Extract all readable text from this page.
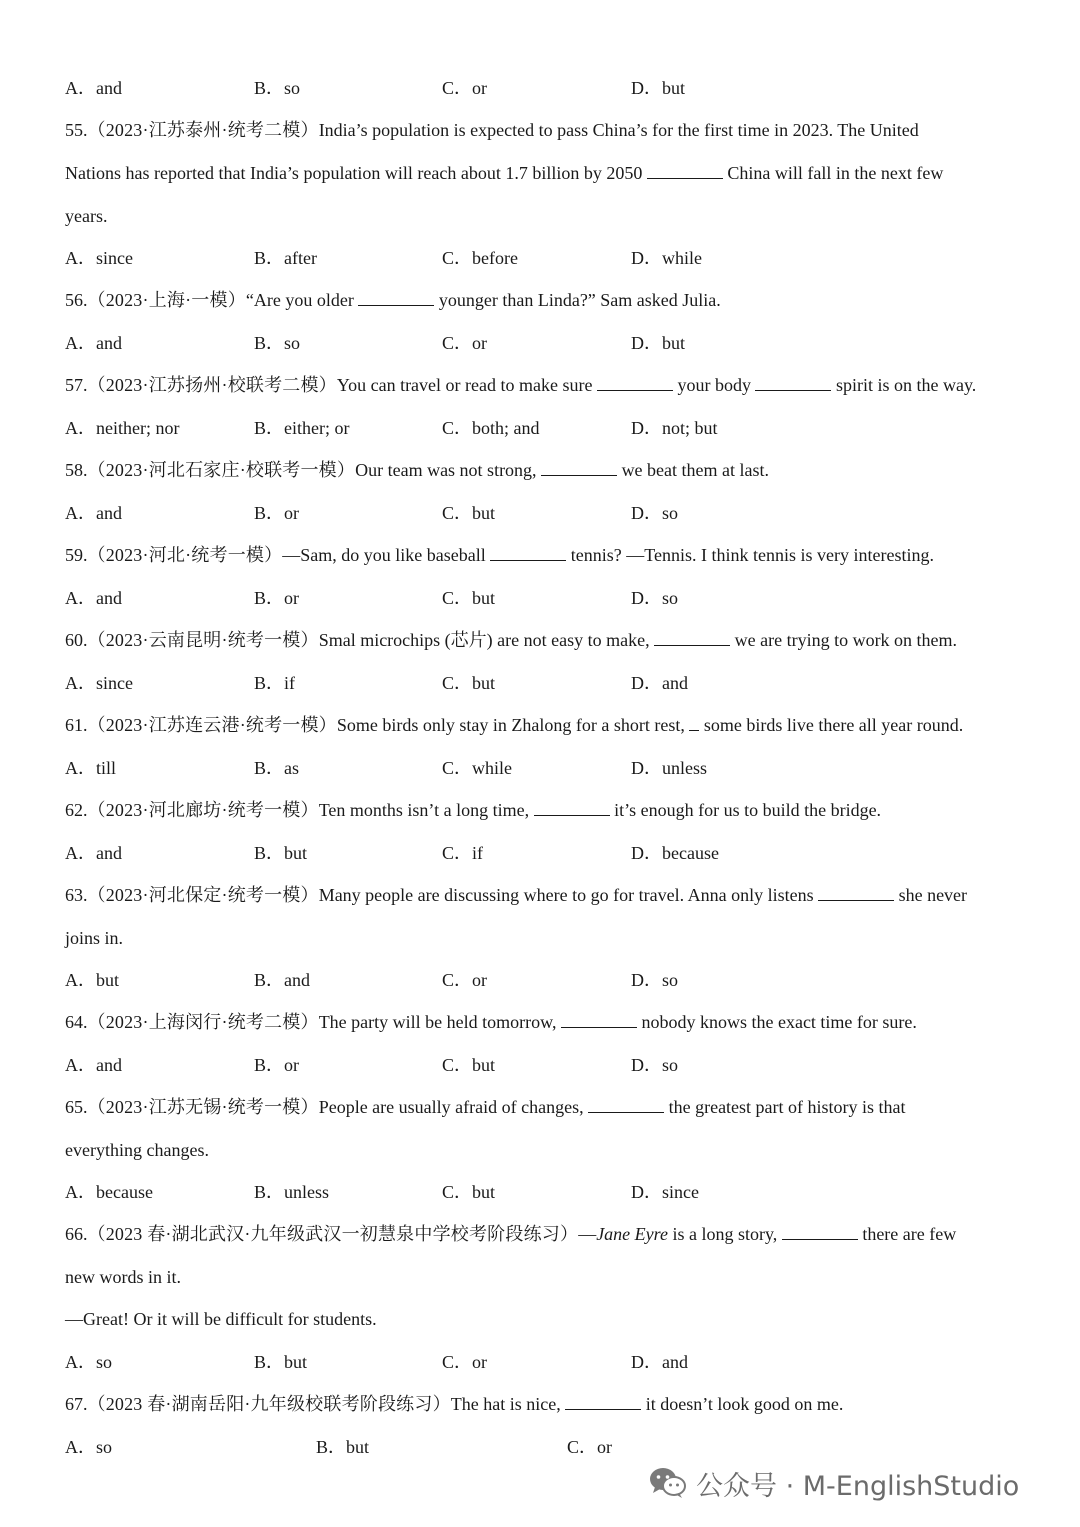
A．and	B．so	C．or	D．but
55.（2023·江苏泰州·统考二模）India’s population is expected to pass China’s for the first time in 2023. The United
Nations has reported that India’s population will reach about 1.7 billion by 2050	China will fall in the next few
years.
A．since	B．after	C．before	D．while
56.（2023·上海·一模）“Are you older	younger than Linda?” Sam asked Julia.
A．and	B．so	C．or	D．but
57.（2023·江苏扬州·校联考二模）You can travel or read to make sure	your body	spirit is on the way.
A．neither; nor	B．either; or	C．both; and	D．not; but
58.（2023·河北石家庄·校联考一模）Our team was not strong,	we beat them at last.
A．and	B．or	C．but	D．so
59.（2023·河北·统考一模）—Sam, do you like baseball	tennis? —Tennis. I think tennis is very interesting.
A．and	B．or	C．but	D．so
60.（2023·云南昆明·统考一模）Smal microchips (芯片) are not easy to make,	we are trying to work on them.
A．since	B．if	C．but	D．and
61.（2023·江苏连云港·统考一模）Some birds only stay in Zhalong for a short rest, some birds live there all year round.
A．till	B．as	C．while	D．unless
62.（2023·河北廊坊·统考一模）Ten months isn’t a long time,	it’s enough for us to build the bridge.
A．and	B．but	C．if	D．because
63.（2023·河北保定·统考一模）Many people are discussing where to go for travel. Anna only listens	she never
joins in.
A．but	B．and	C．or	D．so
64.（2023·上海闵行·统考二模）The party will be held tomorrow,	nobody knows the exact time for sure.
A．and	B．or	C．but	D．so
65.（2023·江苏无锡·统考一模）People are usually afraid of changes,	the greatest part of history is that
everything changes.
A．because	B．unless	C．but	D．since
66.（2023 春·湖北武汉·九年级武汉一初慧泉中学校考阶段练习）—Jane Eyre is a long story,	there are few
new words in it.
—Great! Or it will be difficult for students.
A．so	B．but	C．or	D．and
67.（2023 春·湖南岳阳·九年级校联考阶段练习）The hat is nice,	it doesn’t look good on me.
A．so	B．but	C．or
公众号 · M-EnglishStudio
